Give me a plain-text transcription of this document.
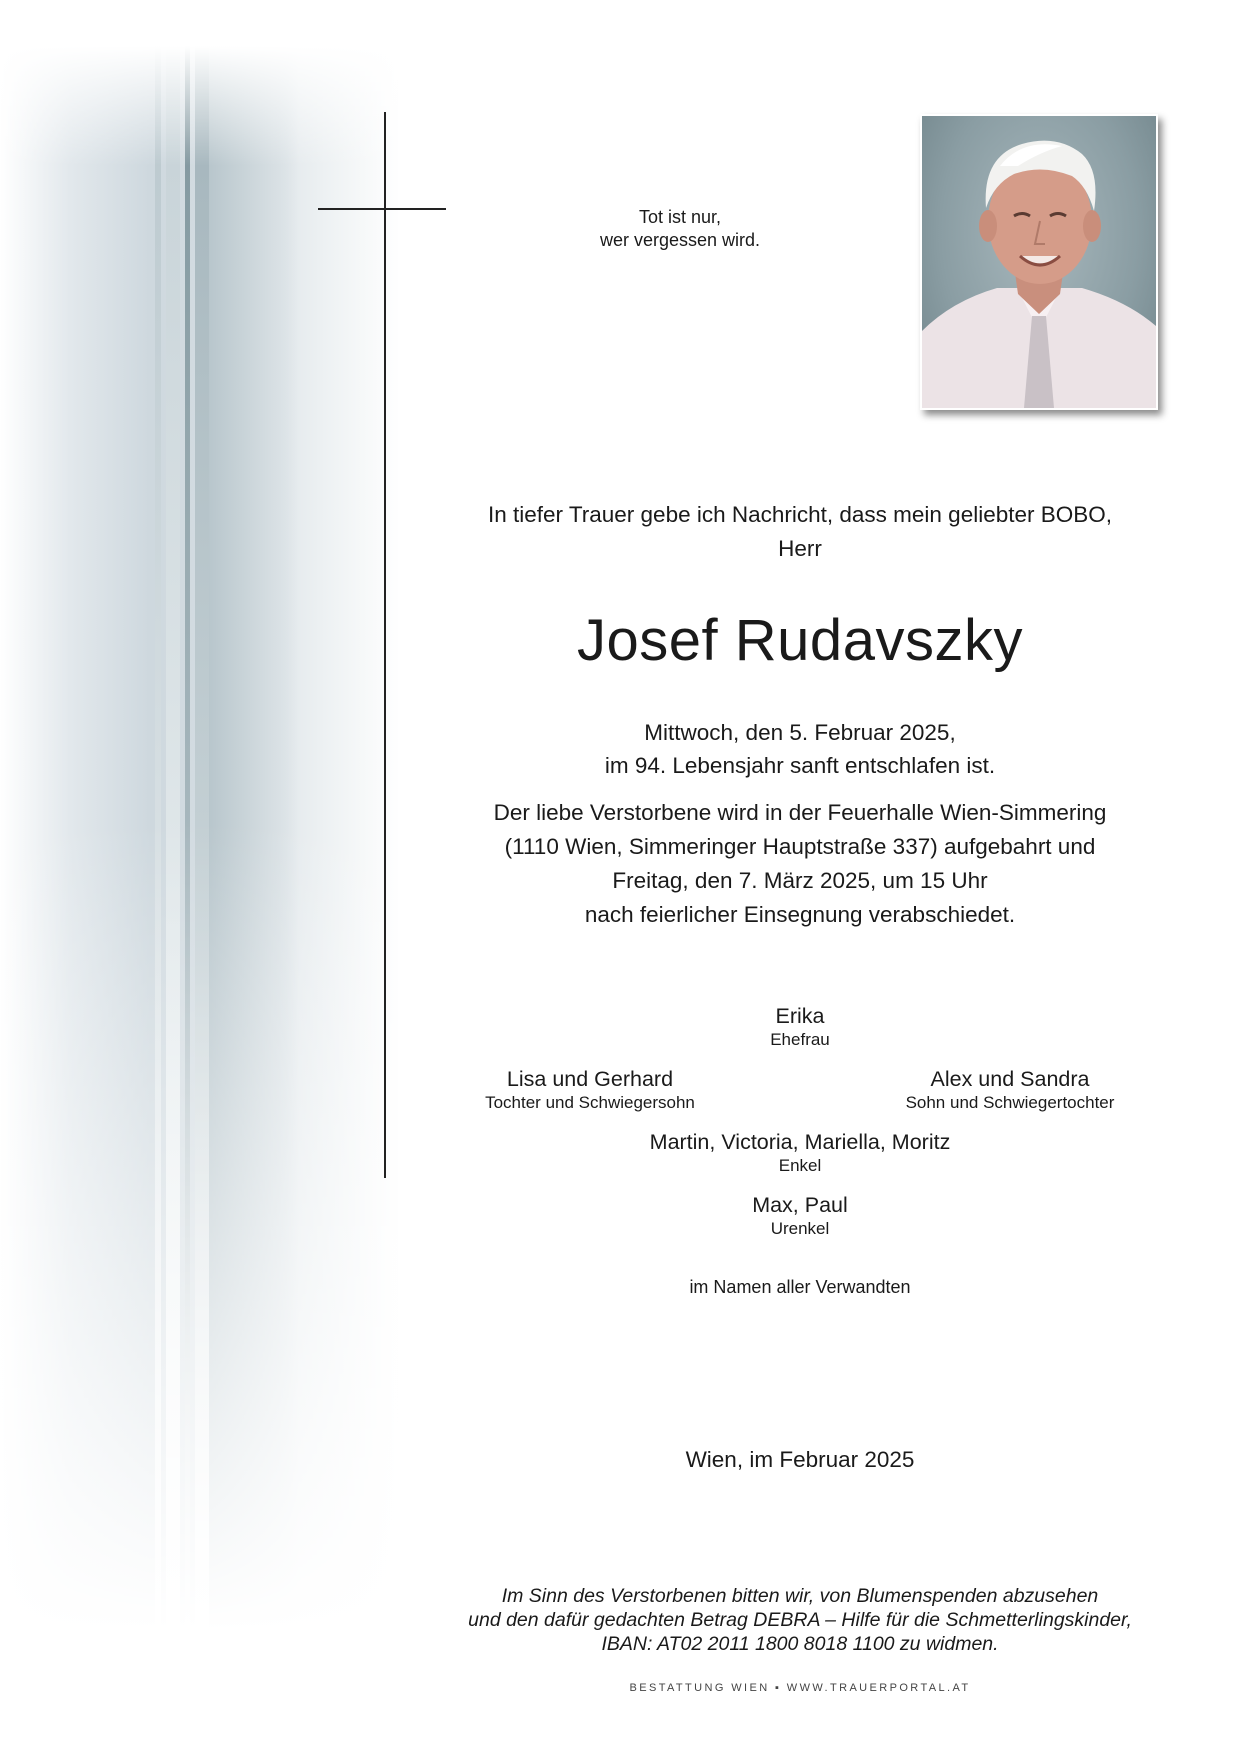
Tot ist nur,
wer vergessen wird.
In tiefer Trauer gebe ich Nachricht, dass mein geliebter BOBO,
Herr
Josef Rudavszky
Mittwoch, den 5. Februar 2025,
im 94. Lebensjahr sanft entschlafen ist.
Der liebe Verstorbene wird in der Feuerhalle Wien-Simmering
(1110 Wien, Simmeringer Hauptstraße 337) aufgebahrt und
Freitag, den 7. März 2025, um 15 Uhr
nach feierlicher Einsegnung verabschiedet.
Erika
Ehefrau
Lisa und Gerhard
Tochter und Schwiegersohn
Alex und Sandra
Sohn und Schwiegertochter
Martin, Victoria, Mariella, Moritz
Enkel
Max, Paul
Urenkel
im Namen aller Verwandten
Wien, im Februar 2025
Im Sinn des Verstorbenen bitten wir, von Blumenspenden abzusehen
und den dafür gedachten Betrag DEBRA – Hilfe für die Schmetterlingskinder,
IBAN: AT02 2011 1800 8018 1100 zu widmen.
BESTATTUNG WIEN ▪ WWW.TRAUERPORTAL.AT
